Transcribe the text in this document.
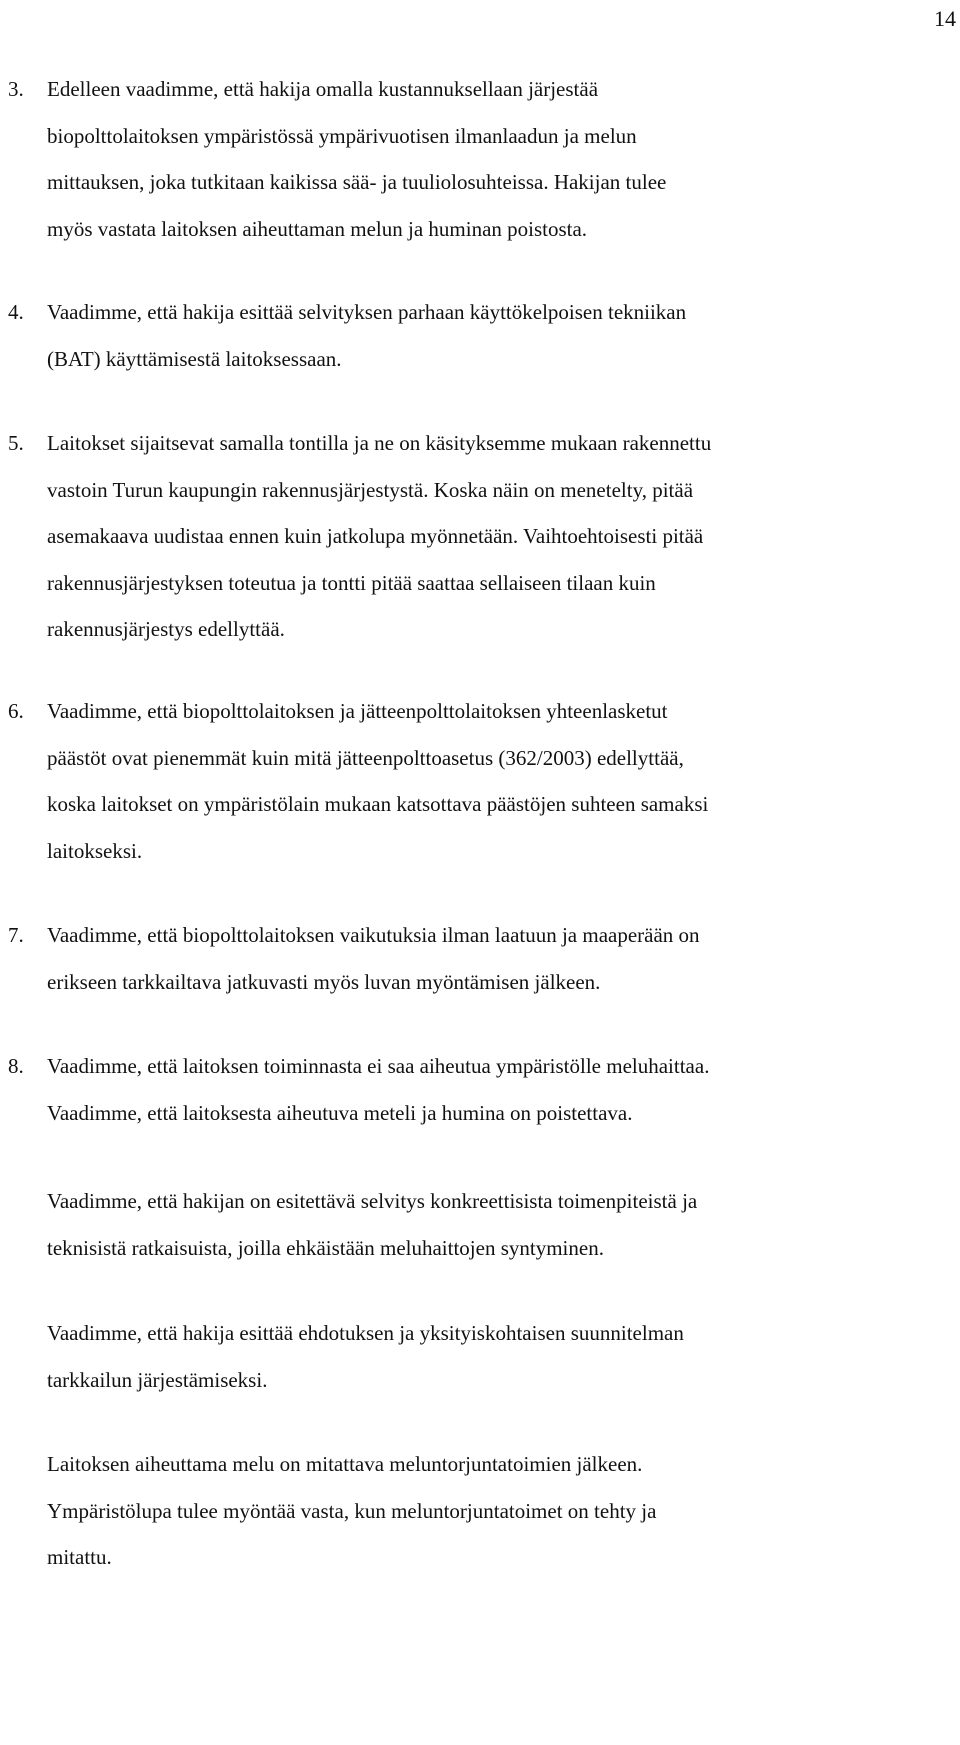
14
3.	Edelleen vaadimme, että hakija omalla kustannuksellaan järjestää
biopolttolaitoksen ympäristössä ympärivuotisen ilmanlaadun ja melun
mittauksen, joka tutkitaan kaikissa sää- ja tuuliolosuhteissa. Hakijan tulee
myös vastata laitoksen aiheuttaman melun ja huminan poistosta.
4.	Vaadimme, että hakija esittää selvityksen parhaan käyttökelpoisen tekniikan
(BAT) käyttämisestä laitoksessaan.
5.	Laitokset sijaitsevat samalla tontilla ja ne on käsityksemme mukaan rakennettu
vastoin Turun kaupungin rakennusjärjestystä. Koska näin on menetelty, pitää
asemakaava uudistaa ennen kuin jatkolupa myönnetään. Vaihtoehtoisesti pitää
rakennusjärjestyksen toteutua ja tontti pitää saattaa sellaiseen tilaan kuin
rakennusjärjestys edellyttää.
6.	Vaadimme, että biopolttolaitoksen ja jätteenpolttolaitoksen yhteenlasketut
päästöt ovat pienemmät kuin mitä jätteenpolttoasetus (362/2003) edellyttää,
koska laitokset on ympäristölain mukaan katsottava päästöjen suhteen samaksi
laitokseksi.
7.	Vaadimme, että biopolttolaitoksen vaikutuksia ilman laatuun ja maaperään on
erikseen tarkkailtava jatkuvasti myös luvan myöntämisen jälkeen.
8.	Vaadimme, että laitoksen toiminnasta ei saa aiheutua ympäristölle meluhaittaa.
Vaadimme, että laitoksesta aiheutuva meteli ja humina on poistettava.
Vaadimme, että hakijan on esitettävä selvitys konkreettisista toimenpiteistä ja
teknisistä ratkaisuista, joilla ehkäistään meluhaittojen syntyminen.
Vaadimme, että hakija esittää ehdotuksen ja yksityiskohtaisen suunnitelman
tarkkailun järjestämiseksi.
Laitoksen aiheuttama melu on mitattava meluntorjuntatoimien jälkeen.
Ympäristölupa tulee myöntää vasta, kun meluntorjuntatoimet on tehty ja
mitattu.
